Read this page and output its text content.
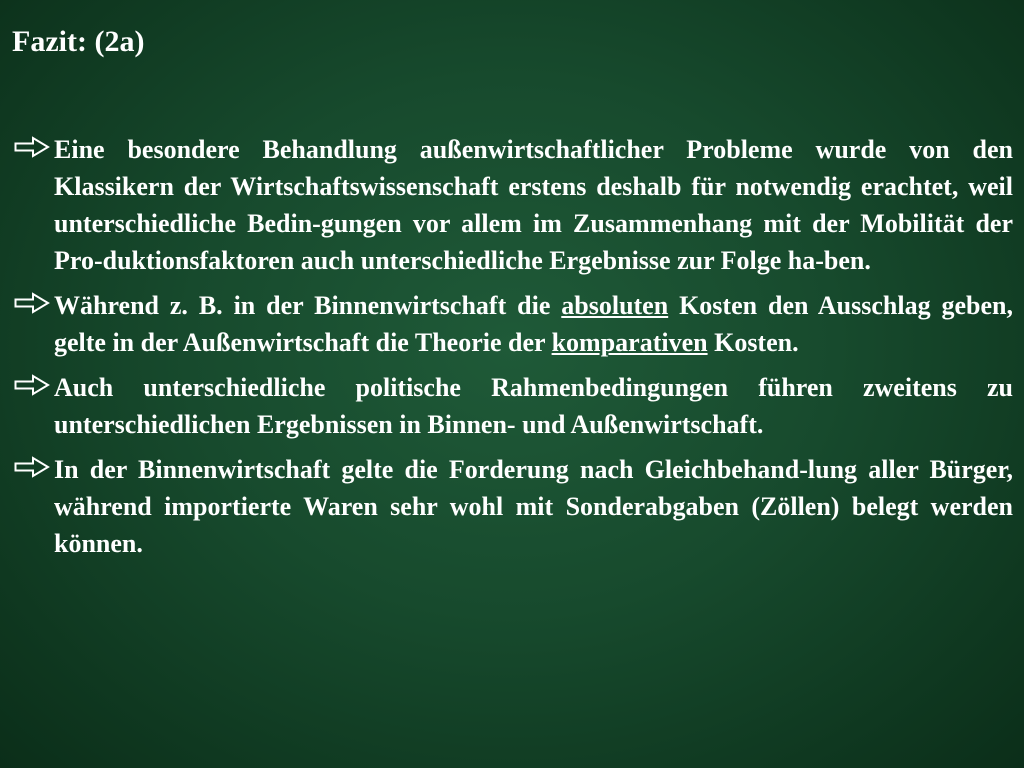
Fazit: (2a)
Eine besondere Behandlung außenwirtschaftlicher Probleme wurde von den Klassikern der Wirtschaftswissenschaft erstens deshalb für notwendig erachtet, weil unterschiedliche Bedin-gungen vor allem im Zusammenhang mit der Mobilität der Pro-duktionsfaktoren auch unterschiedliche Ergebnisse zur Folge ha-ben.
Während z. B. in der Binnenwirtschaft die absoluten Kosten den Ausschlag geben, gelte in der Außenwirtschaft die Theorie der komparativen Kosten.
Auch unterschiedliche politische Rahmenbedingungen führen zweitens zu unterschiedlichen Ergebnissen in Binnen- und Außenwirtschaft.
In der Binnenwirtschaft gelte die Forderung nach Gleichbehand-lung aller Bürger, während importierte Waren sehr wohl mit Sonderabgaben (Zöllen) belegt werden können.
